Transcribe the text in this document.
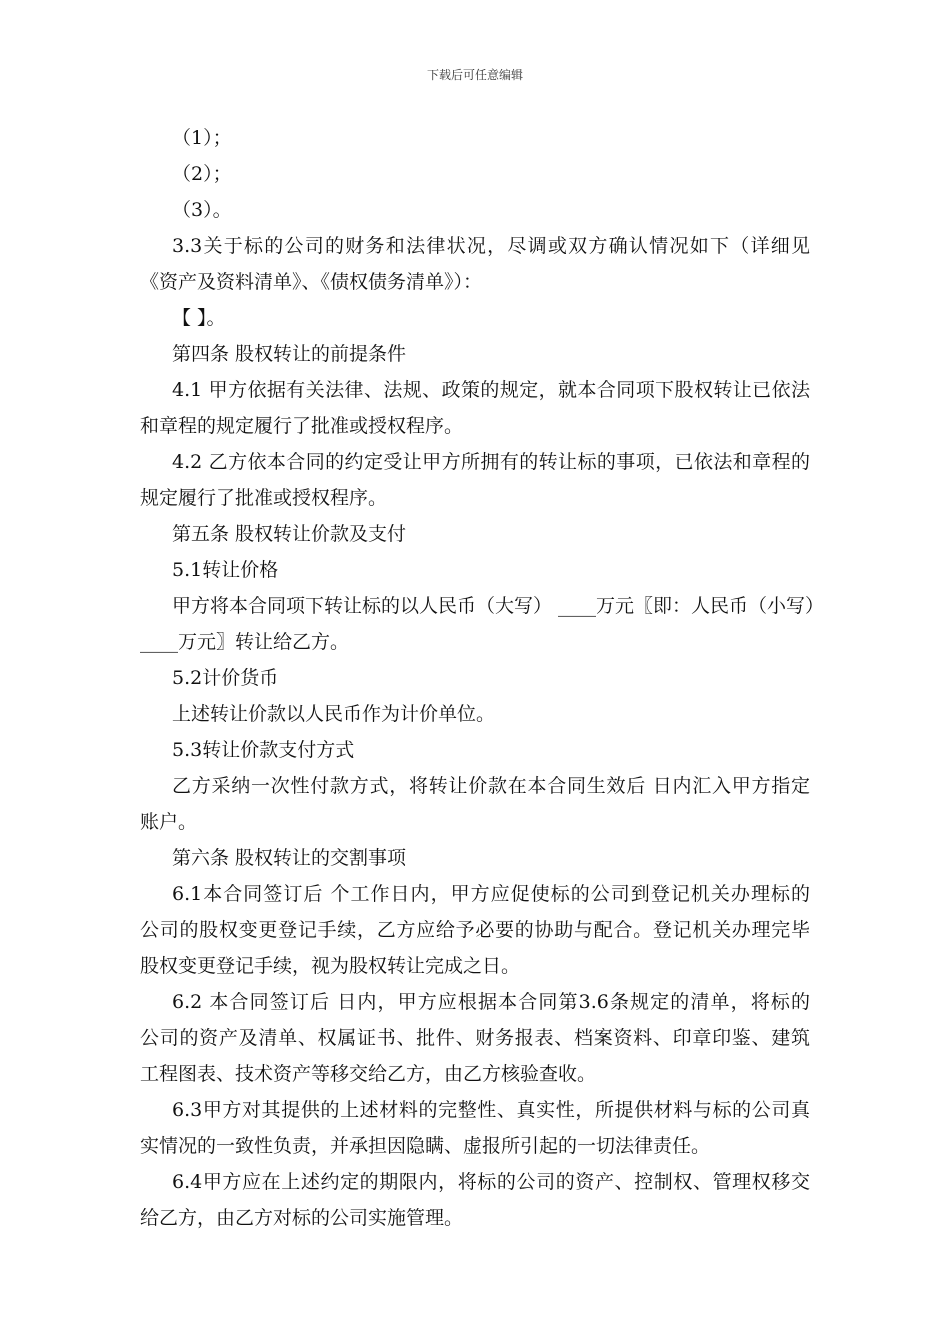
下载后可任意编辑
（1）；
（2）；
（3）。
3.3关于标的公司的财务和法律状况，尽调或双方确认情况如下（详细见
《资产及资料清单》、《债权债务清单》）：
【 】。
第四条 股权转让的前提条件
4.1 甲方依据有关法律、法规、政策的规定，就本合同项下股权转让已依法
和章程的规定履行了批准或授权程序。
4.2 乙方依本合同的约定受让甲方所拥有的转让标的事项，已依法和章程的
规定履行了批准或授权程序。
第五条 股权转让价款及支付
5.1转让价格
甲方将本合同项下转让标的以人民币（大写） ____万元〖即：人民币（小写）
____万元〗转让给乙方。
5.2计价货币
上述转让价款以人民币作为计价单位。
5.3转让价款支付方式
乙方采纳一次性付款方式，将转让价款在本合同生效后 日内汇入甲方指定
账户。
第六条 股权转让的交割事项
6.1本合同签订后 个工作日内，甲方应促使标的公司到登记机关办理标的
公司的股权变更登记手续，乙方应给予必要的协助与配合。登记机关办理完毕
股权变更登记手续，视为股权转让完成之日。
6.2 本合同签订后 日内，甲方应根据本合同第3.6条规定的清单，将标的
公司的资产及清单、权属证书、批件、财务报表、档案资料、印章印鉴、建筑
工程图表、技术资产等移交给乙方，由乙方核验查收。
6.3甲方对其提供的上述材料的完整性、真实性，所提供材料与标的公司真
实情况的一致性负责，并承担因隐瞒、虚报所引起的一切法律责任。
6.4甲方应在上述约定的期限内，将标的公司的资产、控制权、管理权移交
给乙方，由乙方对标的公司实施管理。
